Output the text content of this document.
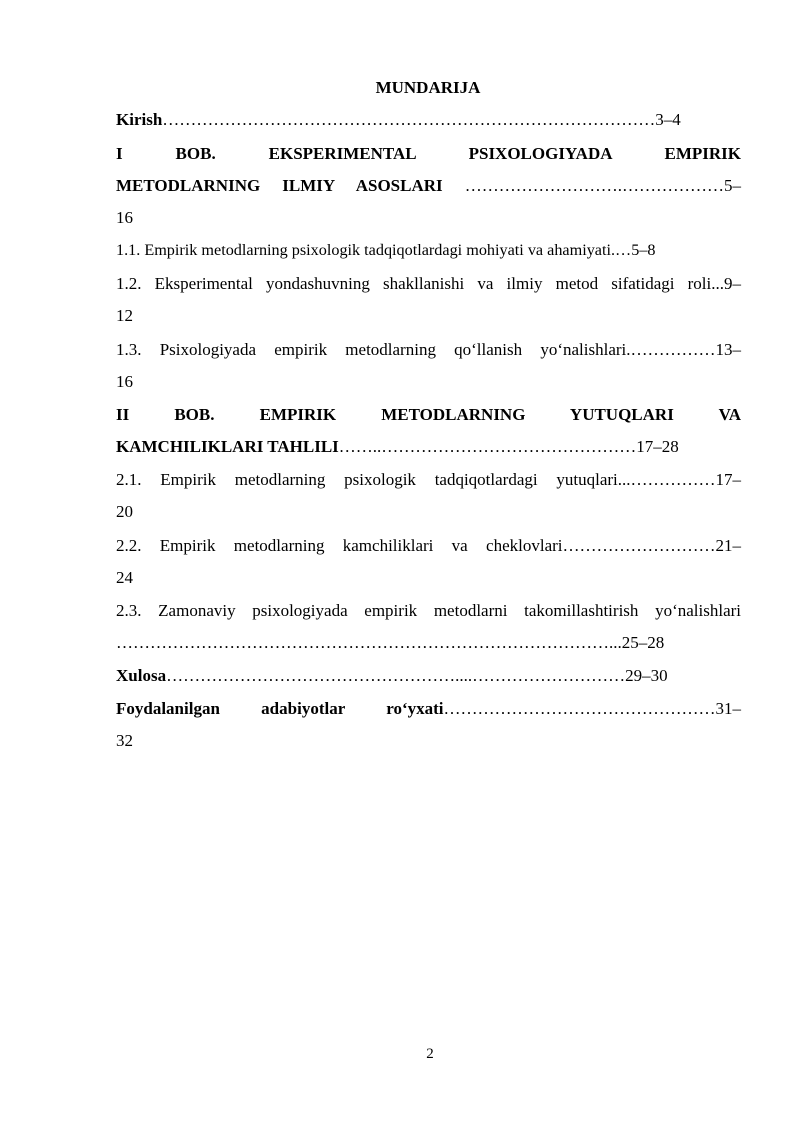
MUNDARIJA
Kirish……………………………………………………………………………3–4
I BOB. EKSPERIMENTAL PSIXOLOGIYADA EMPIRIK
METODLARNING ILMIY ASOSLARI ……………………….………………5–
16
1.1. Empirik metodlarning psixologik tadqiqotlardagi mohiyati va ahamiyati.…5–8
1.2. Eksperimental yondashuvning shakllanishi va ilmiy metod sifatidagi roli...9–
12
1.3. Psixologiyada empirik metodlarning qo‘llanish yo‘nalishlari.……………13–
16
II BOB. EMPIRIK METODLARNING YUTUQLARI VA
KAMCHILIKLARI TAHLILI……..………………………………………17–28
2.1. Empirik metodlarning psixologik tadqiqotlardagi yutuqlari...……………17–
20
2.2. Empirik metodlarning kamchiliklari va cheklovlari………………………21–
24
2.3. Zamonaviy psixologiyada empirik metodlarni takomillashtirish yo‘nalishlari
……………………………………………………………………………...25–28
Xulosa……………………………………………....………………………29–30
Foydalanilgan adabiyotlar ro‘yxati…………………………………………31–
32
2
